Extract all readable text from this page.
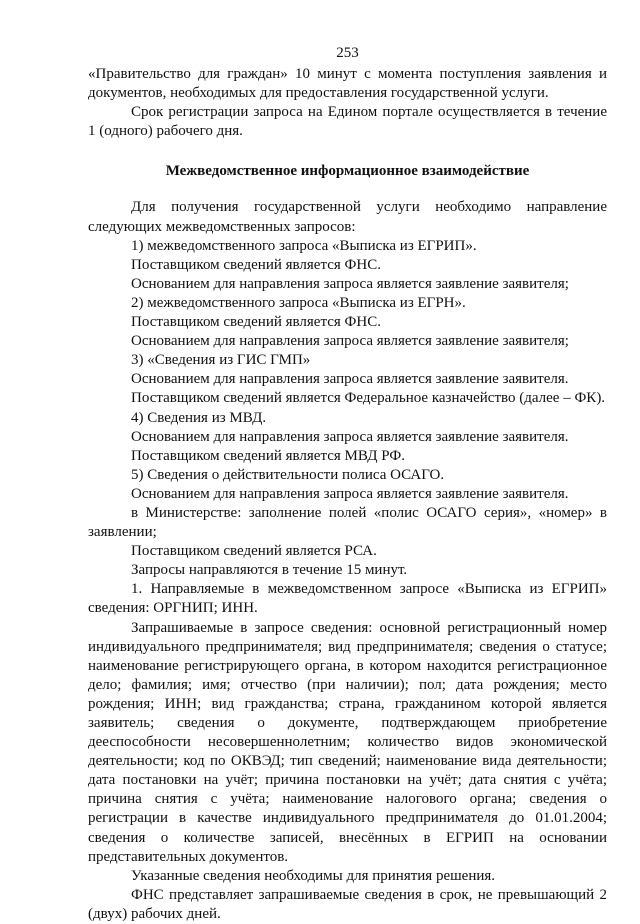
253

«Правительство для граждан» 10 минут с момента поступления заявления и документов, необходимых для предоставления государственной услуги.

Срок регистрации запроса на Едином портале осуществляется в течение 1 (одного) рабочего дня.

Межведомственное информационное взаимодействие

Для получения государственной услуги необходимо направление следующих межведомственных запросов:

1) межведомственного запроса «Выписка из ЕГРИП».

Поставщиком сведений является ФНС.

Основанием для направления запроса является заявление заявителя;

2) межведомственного запроса «Выписка из ЕГРН».

Поставщиком сведений является ФНС.

Основанием для направления запроса является заявление заявителя;

3) «Сведения из ГИС ГМП»

Основанием для направления запроса является заявление заявителя.

Поставщиком сведений является Федеральное казначейство (далее – ФК).

4) Сведения из МВД.

Основанием для направления запроса является заявление заявителя.

Поставщиком сведений является МВД РФ.

5) Сведения о действительности полиса ОСАГО.

Основанием для направления запроса является заявление заявителя.

в Министерстве: заполнение полей «полис ОСАГО серия», «номер» в заявлении;

Поставщиком сведений является РСА.

Запросы направляются в течение 15 минут.

1. Направляемые в межведомственном запросе «Выписка из ЕГРИП» сведения: ОРГНИП; ИНН.

Запрашиваемые в запросе сведения: основной регистрационный номер индивидуального предпринимателя; вид предпринимателя; сведения о статусе; наименование регистрирующего органа, в котором находится регистрационное дело; фамилия; имя; отчество (при наличии); пол; дата рождения; место рождения; ИНН; вид гражданства; страна, гражданином которой является заявитель; сведения о документе, подтверждающем приобретение дееспособности несовершеннолетним; количество видов экономической деятельности; код по ОКВЭД; тип сведений; наименование вида деятельности; дата постановки на учёт; причина постановки на учёт; дата снятия с учёта; причина снятия с учёта; наименование налогового органа; сведения о регистрации в качестве индивидуального предпринимателя до 01.01.2004; сведения о количестве записей, внесённых в ЕГРИП на основании представительных документов.

Указанные сведения необходимы для принятия решения.

ФНС представляет запрашиваемые сведения в срок, не превышающий 2 (двух) рабочих дней.
